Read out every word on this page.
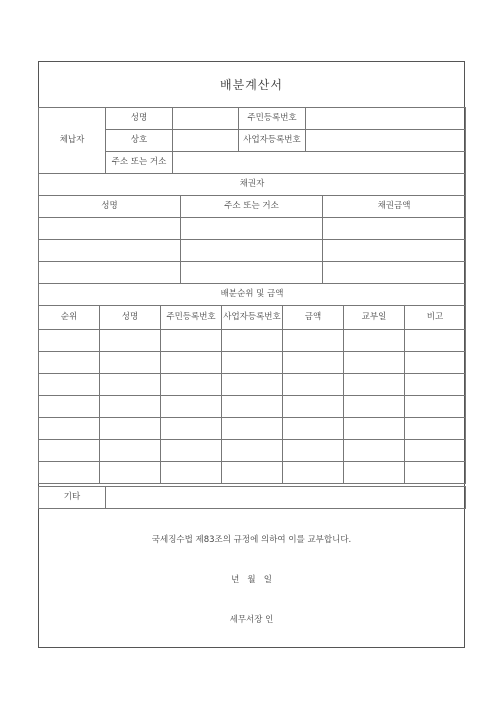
배분계산서
체납자	성명		주민등록번호	
	상호		사업자등록번호	
	주소 또는 거소			
채권자		
성명	주소 또는 거소	채권금액

배분순위 및 금액						
순위	성명	주민등록번호	사업자등록번호	금액	교부일	비고

기타	
국세징수법 제83조의 규정에 의하여 이를 교부합니다.
년   월   일
세무서장 인
